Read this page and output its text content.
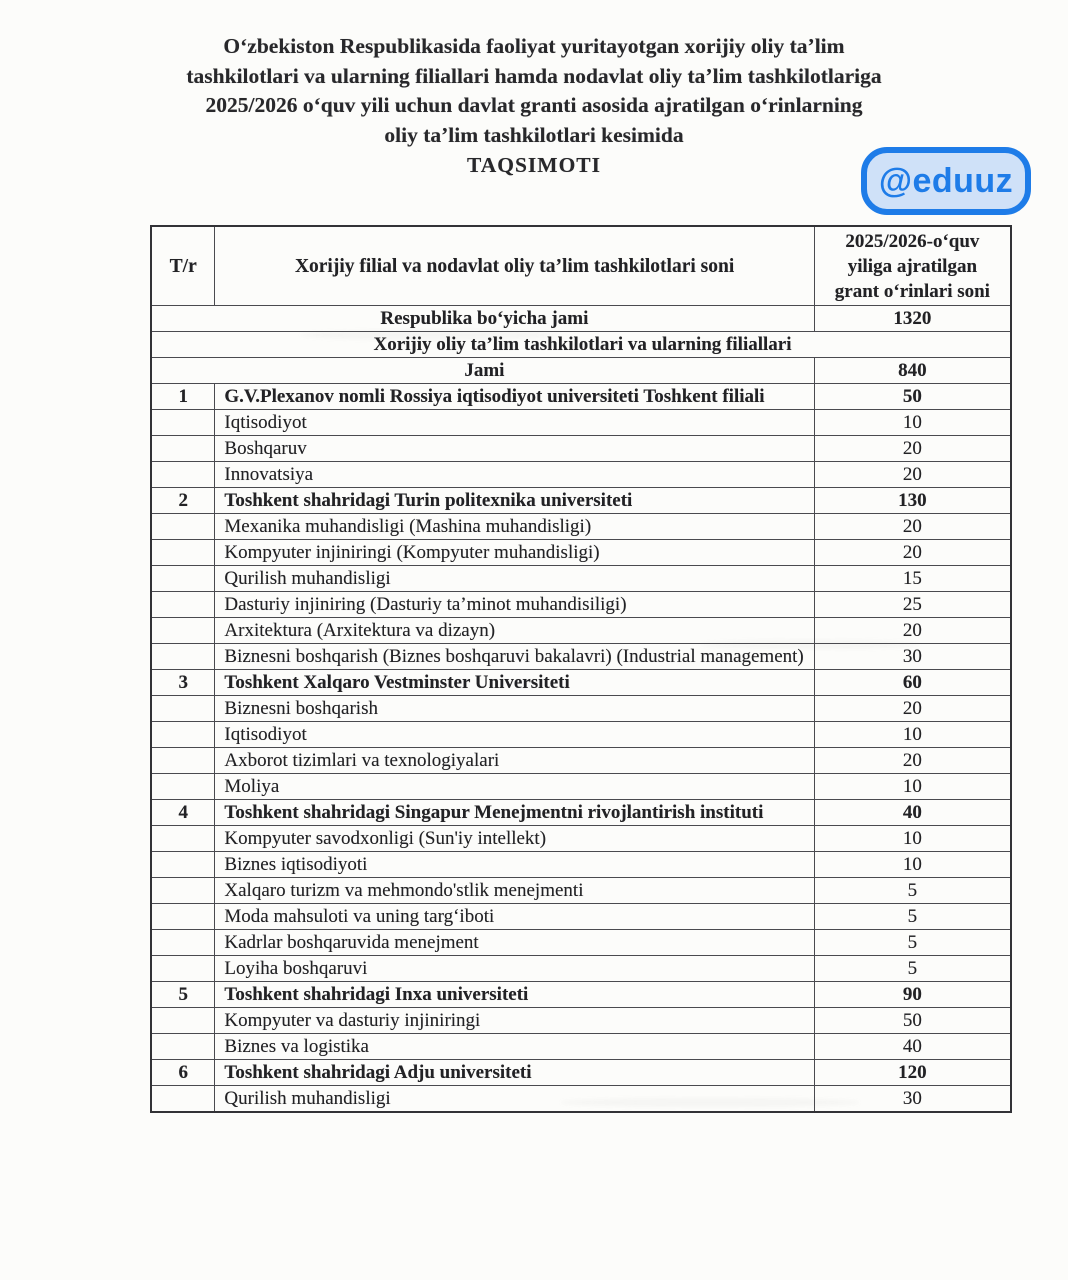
O‘zbekiston Respublikasida faoliyat yuritayotgan xorijiy oliy ta’lim
tashkilotlari va ularning filiallari hamda nodavlat oliy ta’lim tashkilotlariga
2025/2026 o‘quv yili uchun davlat granti asosida ajratilgan o‘rinlarning
oliy ta’lim tashkilotlari kesimida
TAQSIMOTI	@eduuz
T/r	Xorijiy filial va nodavlat oliy ta’lim tashkilotlari soni	2025/2026-o‘quv yiliga ajratilgan grant o‘rinlari soni
Respublika bo‘yicha jami		1320
Xorijiy oliy ta’lim tashkilotlari va ularning filiallari		
Jami		840
1	G.V.Plexanov nomli Rossiya iqtisodiyot universiteti Toshkent filiali	50
	Iqtisodiyot	10
	Boshqaruv	20
	Innovatsiya	20
2	Toshkent shahridagi Turin politexnika universiteti	130
	Mexanika muhandisligi (Mashina muhandisligi)	20
	Kompyuter injiniringi (Kompyuter muhandisligi)	20
	Qurilish muhandisligi	15
	Dasturiy injiniring (Dasturiy ta’minot muhandisiligi)	25
	Arxitektura (Arxitektura va dizayn)	20
	Biznesni boshqarish (Biznes boshqaruvi bakalavri) (Industrial management)	30
3	Toshkent Xalqaro Vestminster Universiteti	60
	Biznesni boshqarish	20
	Iqtisodiyot	10
	Axborot tizimlari va texnologiyalari	20
	Moliya	10
4	Toshkent shahridagi Singapur Menejmentni rivojlantirish instituti	40
	Kompyuter savodxonligi (Sun'iy intellekt)	10
	Biznes iqtisodiyoti	10
	Xalqaro turizm va mehmondo'stlik menejmenti	5
	Moda mahsuloti va uning targ‘iboti	5
	Kadrlar boshqaruvida menejment	5
	Loyiha boshqaruvi	5
5	Toshkent shahridagi Inxa universiteti	90
	Kompyuter va dasturiy injiniringi	50
	Biznes va logistika	40
6	Toshkent shahridagi Adju universiteti	120
	Qurilish muhandisligi	30
